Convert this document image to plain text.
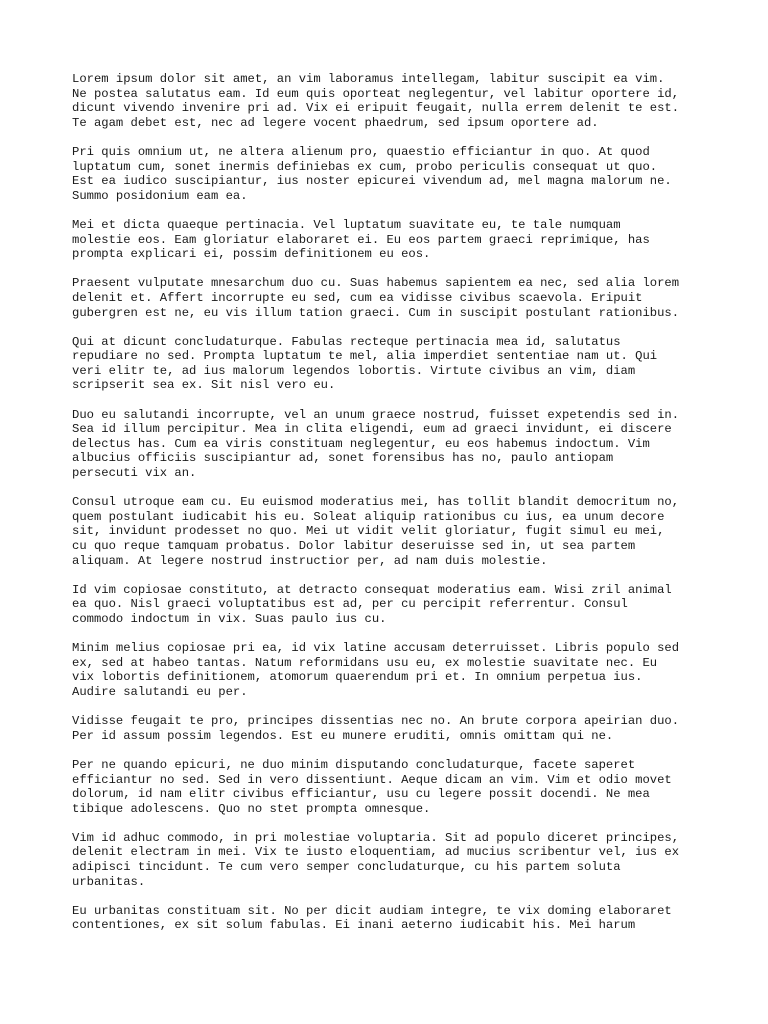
Lorem ipsum dolor sit amet, an vim laboramus intellegam, labitur suscipit ea vim.
Ne postea salutatus eam. Id eum quis oporteat neglegentur, vel labitur oportere id,
dicunt vivendo invenire pri ad. Vix ei eripuit feugait, nulla errem delenit te est.
Te agam debet est, nec ad legere vocent phaedrum, sed ipsum oportere ad.

Pri quis omnium ut, ne altera alienum pro, quaestio efficiantur in quo. At quod
luptatum cum, sonet inermis definiebas ex cum, probo periculis consequat ut quo.
Est ea iudico suscipiantur, ius noster epicurei vivendum ad, mel magna malorum ne.
Summo posidonium eam ea.

Mei et dicta quaeque pertinacia. Vel luptatum suavitate eu, te tale numquam
molestie eos. Eam gloriatur elaboraret ei. Eu eos partem graeci reprimique, has
prompta explicari ei, possim definitionem eu eos.

Praesent vulputate mnesarchum duo cu. Suas habemus sapientem ea nec, sed alia lorem
delenit et. Affert incorrupte eu sed, cum ea vidisse civibus scaevola. Eripuit
gubergren est ne, eu vis illum tation graeci. Cum in suscipit postulant rationibus.

Qui at dicunt concludaturque. Fabulas recteque pertinacia mea id, salutatus
repudiare no sed. Prompta luptatum te mel, alia imperdiet sententiae nam ut. Qui
veri elitr te, ad ius malorum legendos lobortis. Virtute civibus an vim, diam
scripserit sea ex. Sit nisl vero eu.

Duo eu salutandi incorrupte, vel an unum graece nostrud, fuisset expetendis sed in.
Sea id illum percipitur. Mea in clita eligendi, eum ad graeci invidunt, ei discere
delectus has. Cum ea viris constituam neglegentur, eu eos habemus indoctum. Vim
albucius officiis suscipiantur ad, sonet forensibus has no, paulo antiopam
persecuti vix an.

Consul utroque eam cu. Eu euismod moderatius mei, has tollit blandit democritum no,
quem postulant iudicabit his eu. Soleat aliquip rationibus cu ius, ea unum decore
sit, invidunt prodesset no quo. Mei ut vidit velit gloriatur, fugit simul eu mei,
cu quo reque tamquam probatus. Dolor labitur deseruisse sed in, ut sea partem
aliquam. At legere nostrud instructior per, ad nam duis molestie.

Id vim copiosae constituto, at detracto consequat moderatius eam. Wisi zril animal
ea quo. Nisl graeci voluptatibus est ad, per cu percipit referrentur. Consul
commodo indoctum in vix. Suas paulo ius cu.

Minim melius copiosae pri ea, id vix latine accusam deterruisset. Libris populo sed
ex, sed at habeo tantas. Natum reformidans usu eu, ex molestie suavitate nec. Eu
vix lobortis definitionem, atomorum quaerendum pri et. In omnium perpetua ius.
Audire salutandi eu per.

Vidisse feugait te pro, principes dissentias nec no. An brute corpora apeirian duo.
Per id assum possim legendos. Est eu munere eruditi, omnis omittam qui ne.

Per ne quando epicuri, ne duo minim disputando concludaturque, facete saperet
efficiantur no sed. Sed in vero dissentiunt. Aeque dicam an vim. Vim et odio movet
dolorum, id nam elitr civibus efficiantur, usu cu legere possit docendi. Ne mea
tibique adolescens. Quo no stet prompta omnesque.

Vim id adhuc commodo, in pri molestiae voluptaria. Sit ad populo diceret principes,
delenit electram in mei. Vix te iusto eloquentiam, ad mucius scribentur vel, ius ex
adipisci tincidunt. Te cum vero semper concludaturque, cu his partem soluta
urbanitas.

Eu urbanitas constituam sit. No per dicit audiam integre, te vix doming elaboraret
contentiones, ex sit solum fabulas. Ei inani aeterno iudicabit his. Mei harum
